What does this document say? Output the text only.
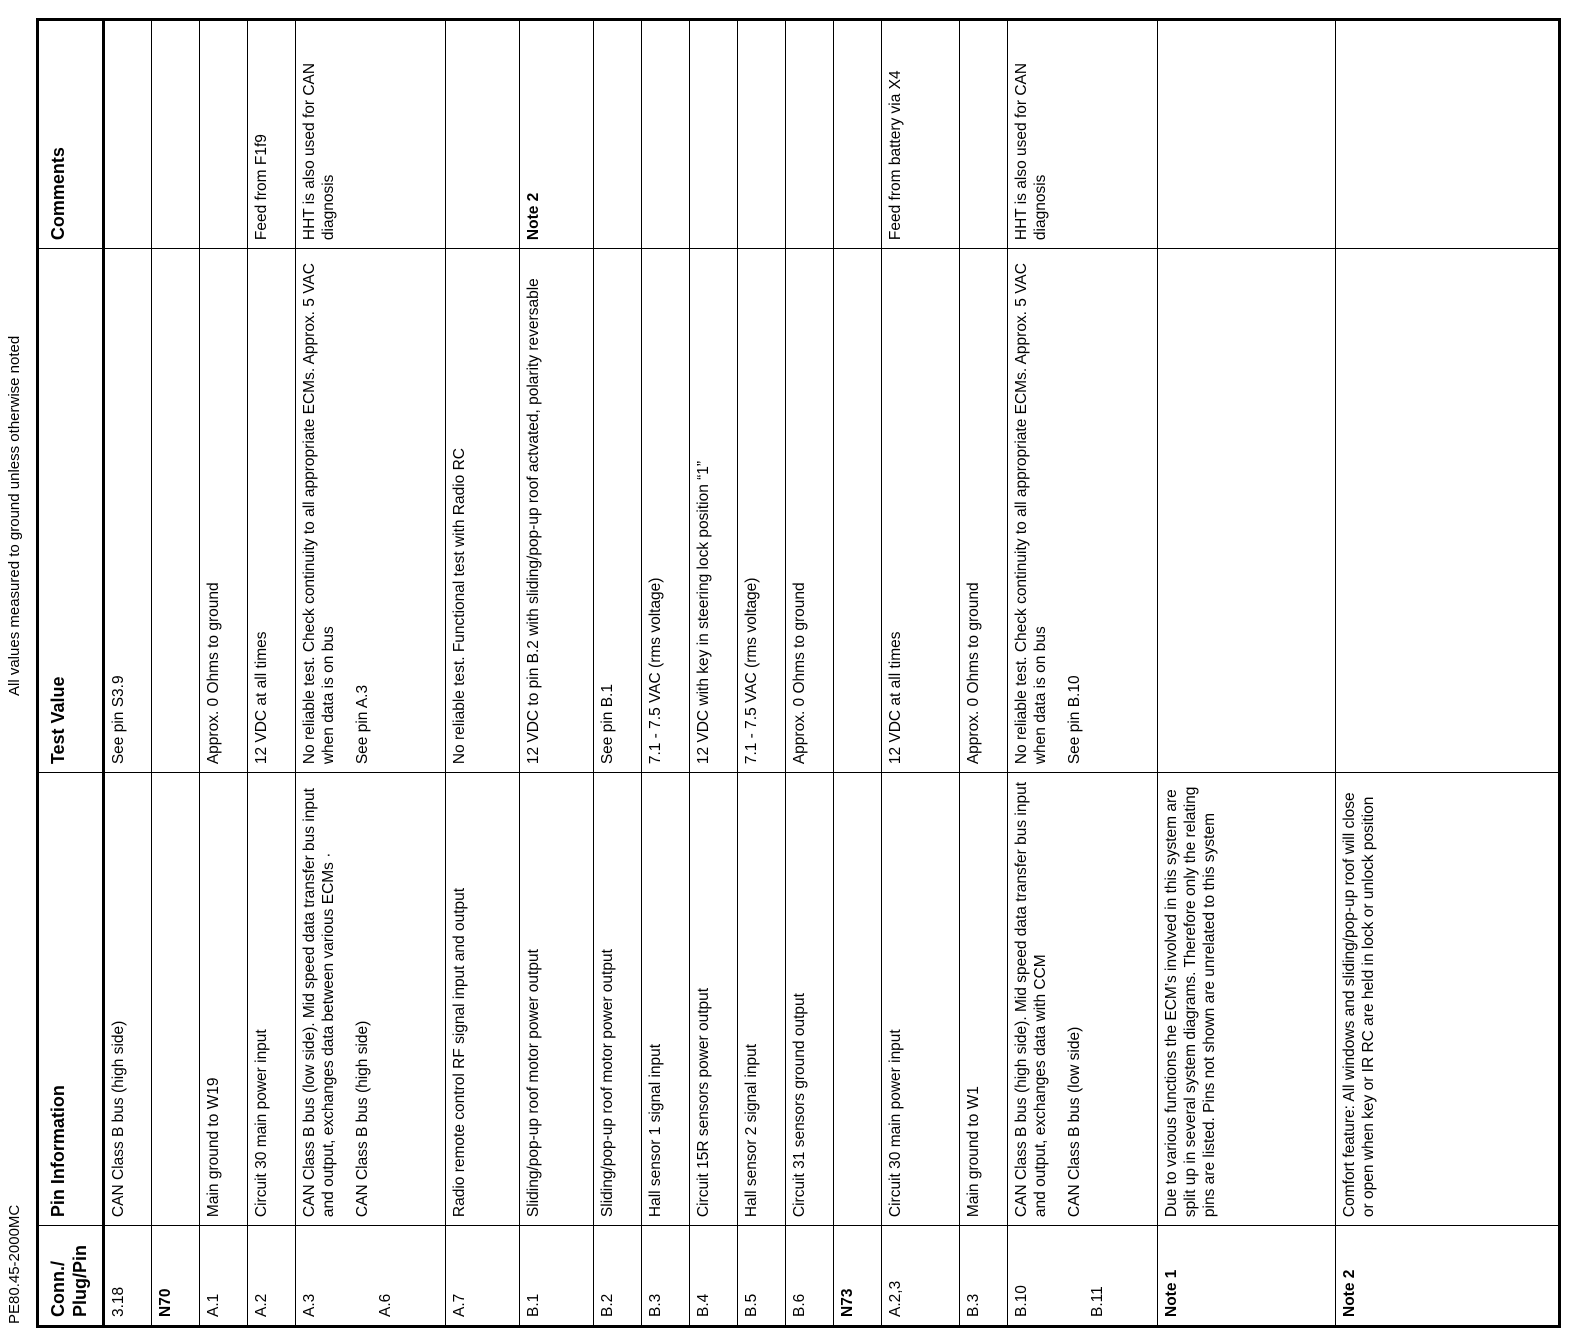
PE80.45-2000MC
All values measured to ground unless otherwise noted
Conn./ Plug/Pin	Pin Information	Test Value	Comments
3.18	CAN Class B bus (high side)	See pin S3.9	
N70			
A.1	Main ground to W19	Approx. 0 Ohms to ground	
A.2	Circuit 30 main power input	12 VDC at all times	Feed from F1f9
A.3 A.6	CAN Class B bus (low side). Mid speed data transfer bus input and output, exchanges data between various ECMs · CAN Class B bus (high side)	No reliable test. Check continuity to all appropriate ECMs. Approx. 5 VAC when data is on bus See pin A.3	HHT is also used for CAN diagnosis
A.7	Radio remote control RF signal input and output	No reliable test. Functional test with Radio RC	
B.1	Sliding/pop-up roof motor power output	12 VDC to pin B.2 with sliding/pop-up roof actvated, polarity reversable	Note 2
B.2	Sliding/pop-up roof motor power output	See pin B.1	
B.3	Hall sensor 1 signal input	7.1 - 7.5 VAC (rms voltage)	
B.4	Circuit 15R sensors power output	12 VDC with key in steering lock position “1”	
B.5	Hall sensor 2 signal input	7.1 - 7.5 VAC (rms voltage)	
B.6	Circuit 31 sensors ground output	Approx. 0 Ohms to ground	
N73			
A.2,3	Circuit 30 main power input	12 VDC at all times	Feed from battery via X4
B.3	Main ground to W1	Approx. 0 Ohms to ground	
B.10 B.11	CAN Class B bus (high side). Mid speed data transfer bus input and output, exchanges data with CCM CAN Class B bus (low side)	No reliable test. Check continuity to all appropriate ECMs. Approx. 5 VAC when data is on bus See pin B.10	HHT is also used for CAN diagnosis
Note 1	Due to various functions the ECM’s involved in this system are split up in several system diagrams. Therefore only the relating pins are listed. Pins not shown are unrelated to this system		
Note 2	Comfort feature: All windows and sliding/pop-up roof will close or open when key or IR RC are held in lock or unlock position		
